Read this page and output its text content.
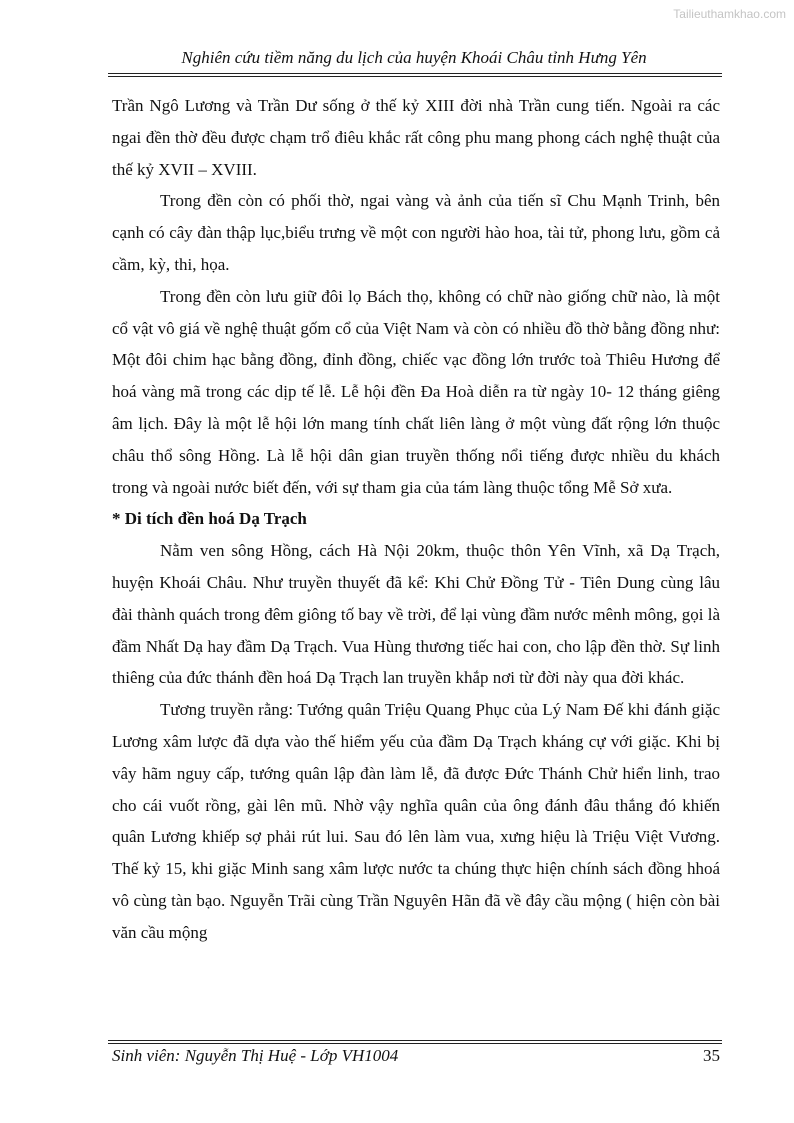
Tailieuthamkhao.com
Nghiên cứu tiềm năng du lịch của huyện Khoái Châu tỉnh Hưng Yên

Trần Ngô Lương và Trần Dư sống ở thế kỷ XIII đời nhà Trần cung tiến. Ngoài ra các ngai đền thờ đều được chạm trổ điêu khắc rất công phu mang phong cách nghệ thuật của thế kỷ XVII – XVIII.

Trong đền còn có phối thờ, ngai vàng và ảnh của tiến sĩ Chu Mạnh Trinh, bên cạnh có cây đàn thập lục,biểu trưng về một con người hào hoa, tài tử, phong lưu, gồm cả cầm, kỳ, thi, họa.

Trong đền còn lưu giữ đôi lọ Bách thọ, không có chữ nào giống chữ nào, là một cổ vật vô giá về nghệ thuật gốm cổ của Việt Nam và còn có nhiều đồ thờ bằng đồng như: Một đôi chim hạc bằng đồng, đỉnh đồng, chiếc vạc đồng lớn trước toà Thiêu Hương để hoá vàng mã trong các dịp tế lễ. Lễ hội đền Đa Hoà diễn ra từ ngày 10- 12 tháng giêng âm lịch. Đây là một lễ hội lớn mang tính chất liên làng ở một vùng đất rộng lớn thuộc châu thổ sông Hồng. Là lễ hội dân gian truyền thống nổi tiếng được nhiều du khách trong và ngoài nước biết đến, với sự tham gia của tám làng thuộc tổng Mễ Sở xưa.

* Di tích đền hoá Dạ Trạch

Nằm ven sông Hồng, cách Hà Nội 20km, thuộc thôn Yên Vĩnh, xã Dạ Trạch, huyện Khoái Châu. Như truyền thuyết đã kể: Khi Chử Đồng Tử - Tiên Dung cùng lâu đài thành quách trong đêm giông tố bay về trời, để lại vùng đầm nước mênh mông, gọi là đầm Nhất Dạ hay đầm Dạ Trạch. Vua Hùng thương tiếc hai con, cho lập đền thờ. Sự linh thiêng của đức thánh đền hoá Dạ Trạch lan truyền khắp nơi từ đời này qua đời khác.

Tương truyền rằng: Tướng quân Triệu Quang Phục của Lý Nam Đế khi đánh giặc Lương xâm lược đã dựa vào thế hiểm yếu của đầm Dạ Trạch kháng cự với giặc. Khi bị vây hãm nguy cấp, tướng quân lập đàn làm lễ, đã được Đức Thánh Chử hiển linh, trao cho cái vuốt rồng, gài lên mũ. Nhờ vậy nghĩa quân của ông đánh đâu thắng đó khiến quân Lương khiếp sợ phải rút lui. Sau đó lên làm vua, xưng hiệu là Triệu Việt Vương. Thế kỷ 15, khi giặc Minh sang xâm lược nước ta chúng thực hiện chính sách đồng hhoá vô cùng tàn bạo. Nguyễn Trãi cùng Trần Nguyên Hãn đã về đây cầu mộng ( hiện còn bài văn cầu mộng

Sinh viên: Nguyễn Thị Huệ - Lớp VH1004	35
